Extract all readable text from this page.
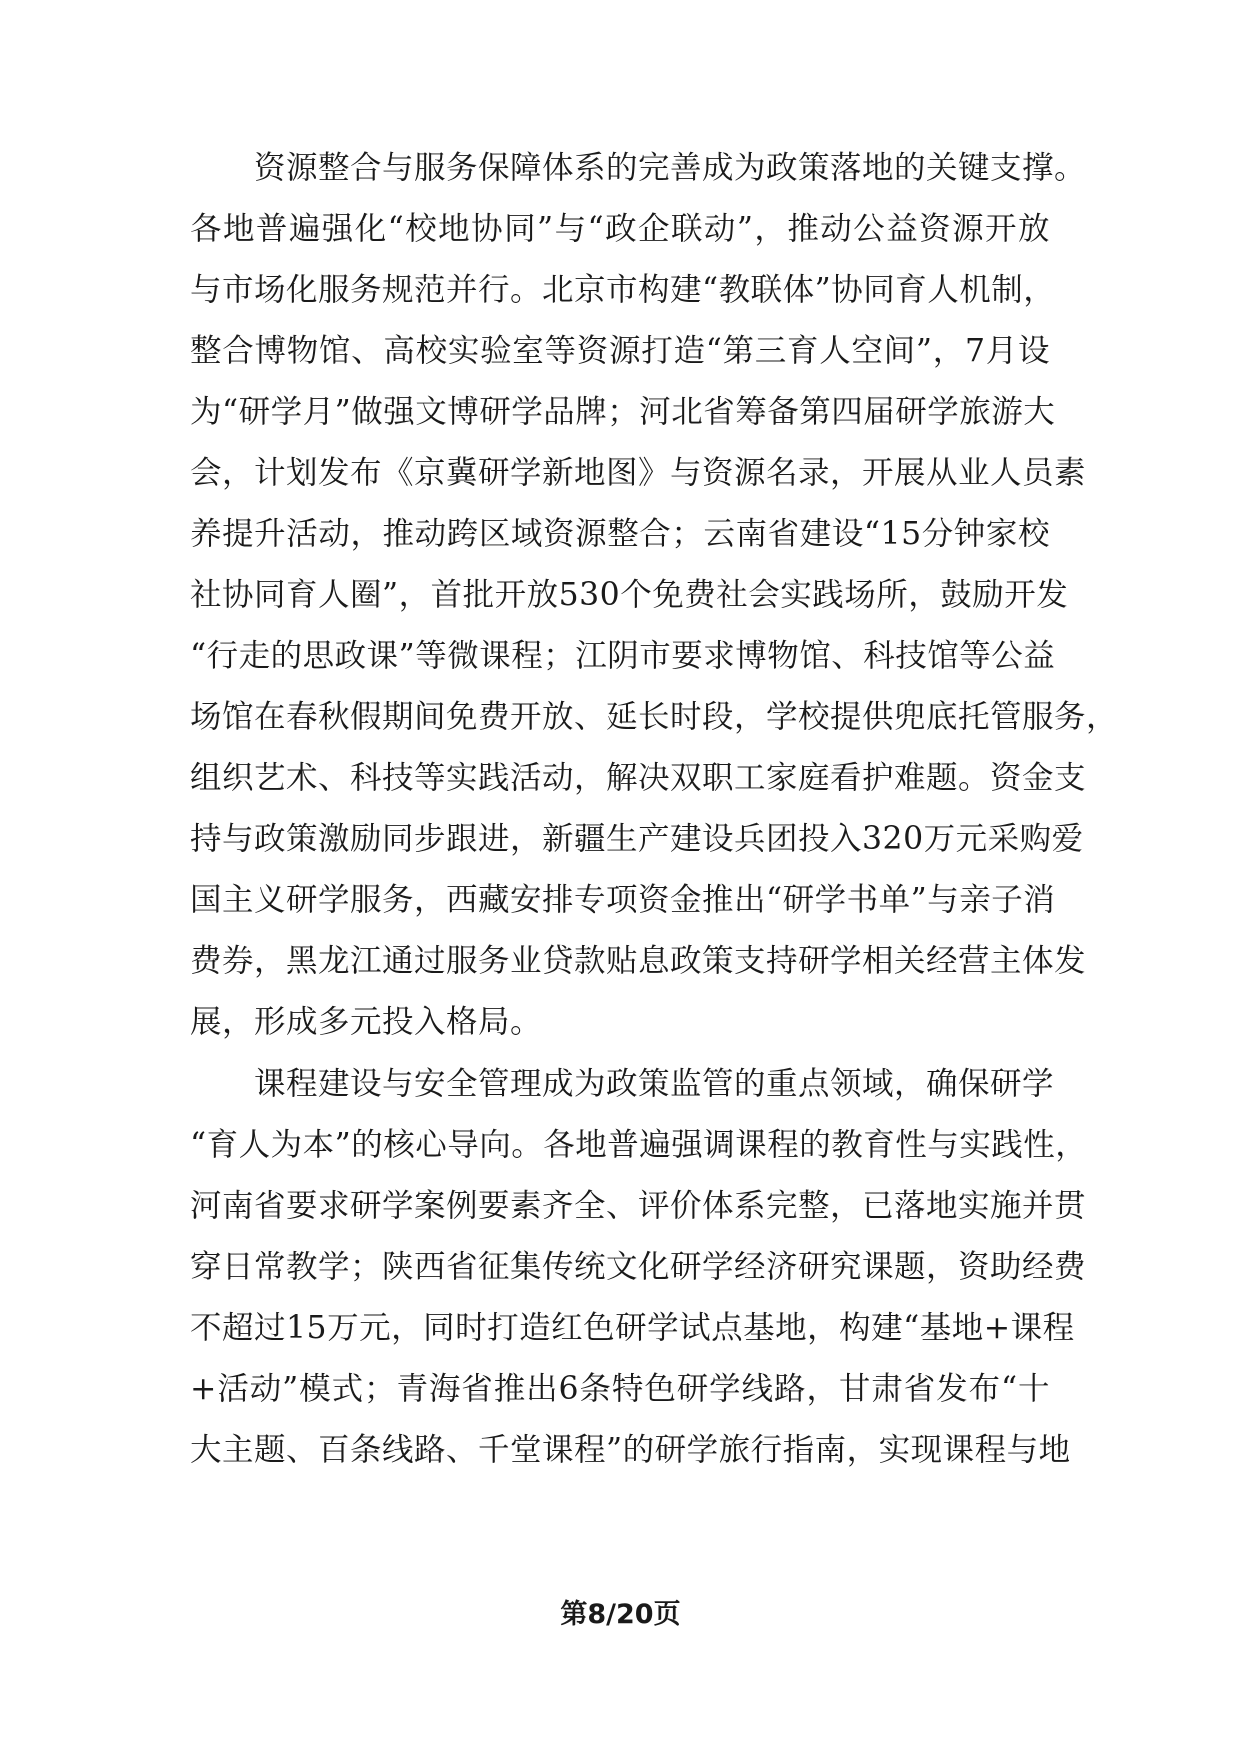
资源整合与服务保障体系的完善成为政策落地的关键支撑。
各地普遍强化“校地协同”与“政企联动”，推动公益资源开放
与市场化服务规范并行。北京市构建“教联体”协同育人机制，
整合博物馆、高校实验室等资源打造“第三育人空间”，7月设
为“研学月”做强文博研学品牌；河北省筹备第四届研学旅游大
会，计划发布《京冀研学新地图》与资源名录，开展从业人员素
养提升活动，推动跨区域资源整合；云南省建设“15分钟家校
社协同育人圈”，首批开放530个免费社会实践场所，鼓励开发
“行走的思政课”等微课程；江阴市要求博物馆、科技馆等公益
场馆在春秋假期间免费开放、延长时段，学校提供兜底托管服务，
组织艺术、科技等实践活动，解决双职工家庭看护难题。资金支
持与政策激励同步跟进，新疆生产建设兵团投入320万元采购爱
国主义研学服务，西藏安排专项资金推出“研学书单”与亲子消
费券，黑龙江通过服务业贷款贴息政策支持研学相关经营主体发
展，形成多元投入格局。
课程建设与安全管理成为政策监管的重点领域，确保研学
“育人为本”的核心导向。各地普遍强调课程的教育性与实践性，
河南省要求研学案例要素齐全、评价体系完整，已落地实施并贯
穿日常教学；陕西省征集传统文化研学经济研究课题，资助经费
不超过15万元，同时打造红色研学试点基地，构建“基地+课程
+活动”模式；青海省推出6条特色研学线路，甘肃省发布“十
大主题、百条线路、千堂课程”的研学旅行指南，实现课程与地
第8/20页
